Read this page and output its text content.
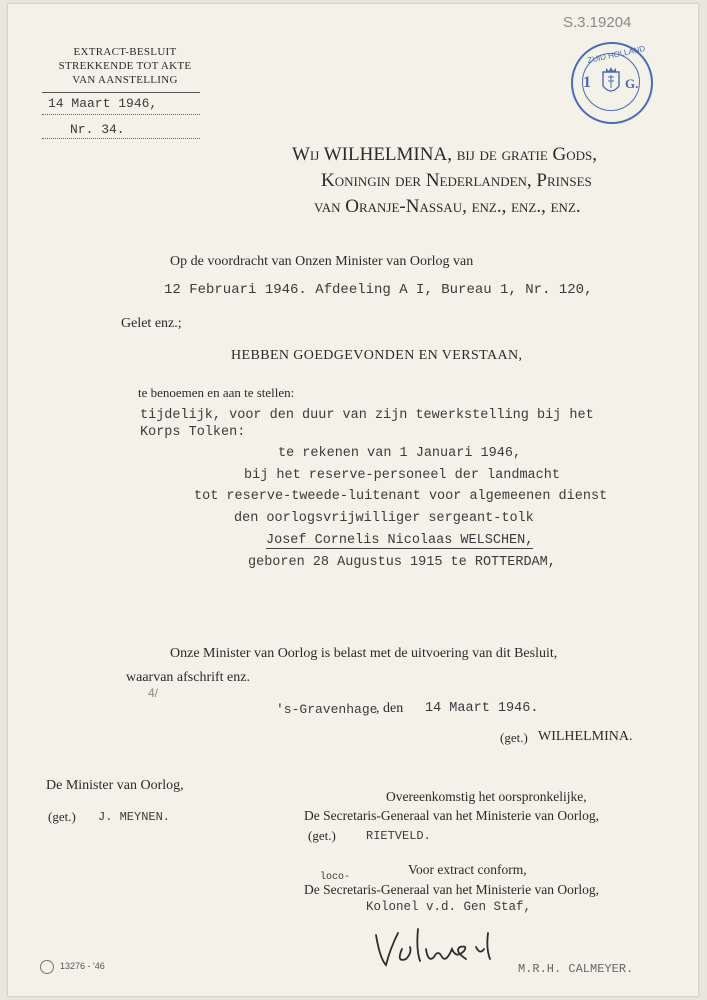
S.3.19204
EXTRACT-BESLUIT
STREKKENDE TOT AKTE
VAN AANSTELLING
14 Maart 1946,
Nr. 34.
ZUID HOLLAND
1	G.
Wij WILHELMINA, bij de gratie Gods,
Koningin der Nederlanden, Prinses
van Oranje-Nassau, enz., enz., enz.
Op de voordracht van Onzen Minister van Oorlog van
12 Februari 1946. Afdeeling A I, Bureau 1, Nr. 120,
Gelet enz.;
HEBBEN GOEDGEVONDEN EN VERSTAAN,
te benoemen en aan te stellen:
tijdelijk, voor den duur van zijn tewerkstelling bij het
Korps Tolken:
te rekenen van 1 Januari 1946,
bij het reserve-personeel der landmacht
tot reserve-tweede-luitenant voor algemeenen dienst
den oorlogsvrijwilliger sergeant-tolk
Josef Cornelis Nicolaas WELSCHEN,
geboren 28 Augustus 1915 te ROTTERDAM,
Onze Minister van Oorlog is belast met de uitvoering van dit Besluit,
waarvan afschrift enz.
4/
's-Gravenhage
, den 14 Maart 1946.
(get.) WILHELMINA.
De Minister van Oorlog,
(get.) J. MEYNEN.
Overeenkomstig het oorspronkelijke,
De Secretaris-Generaal van het Ministerie van Oorlog,
(get.)	RIETVELD.
Voor extract conform,
loco-
De Secretaris-Generaal van het Ministerie van Oorlog,
Kolonel v.d. Gen Staf,
M.R.H. CALMEYER.
13276 - '46
